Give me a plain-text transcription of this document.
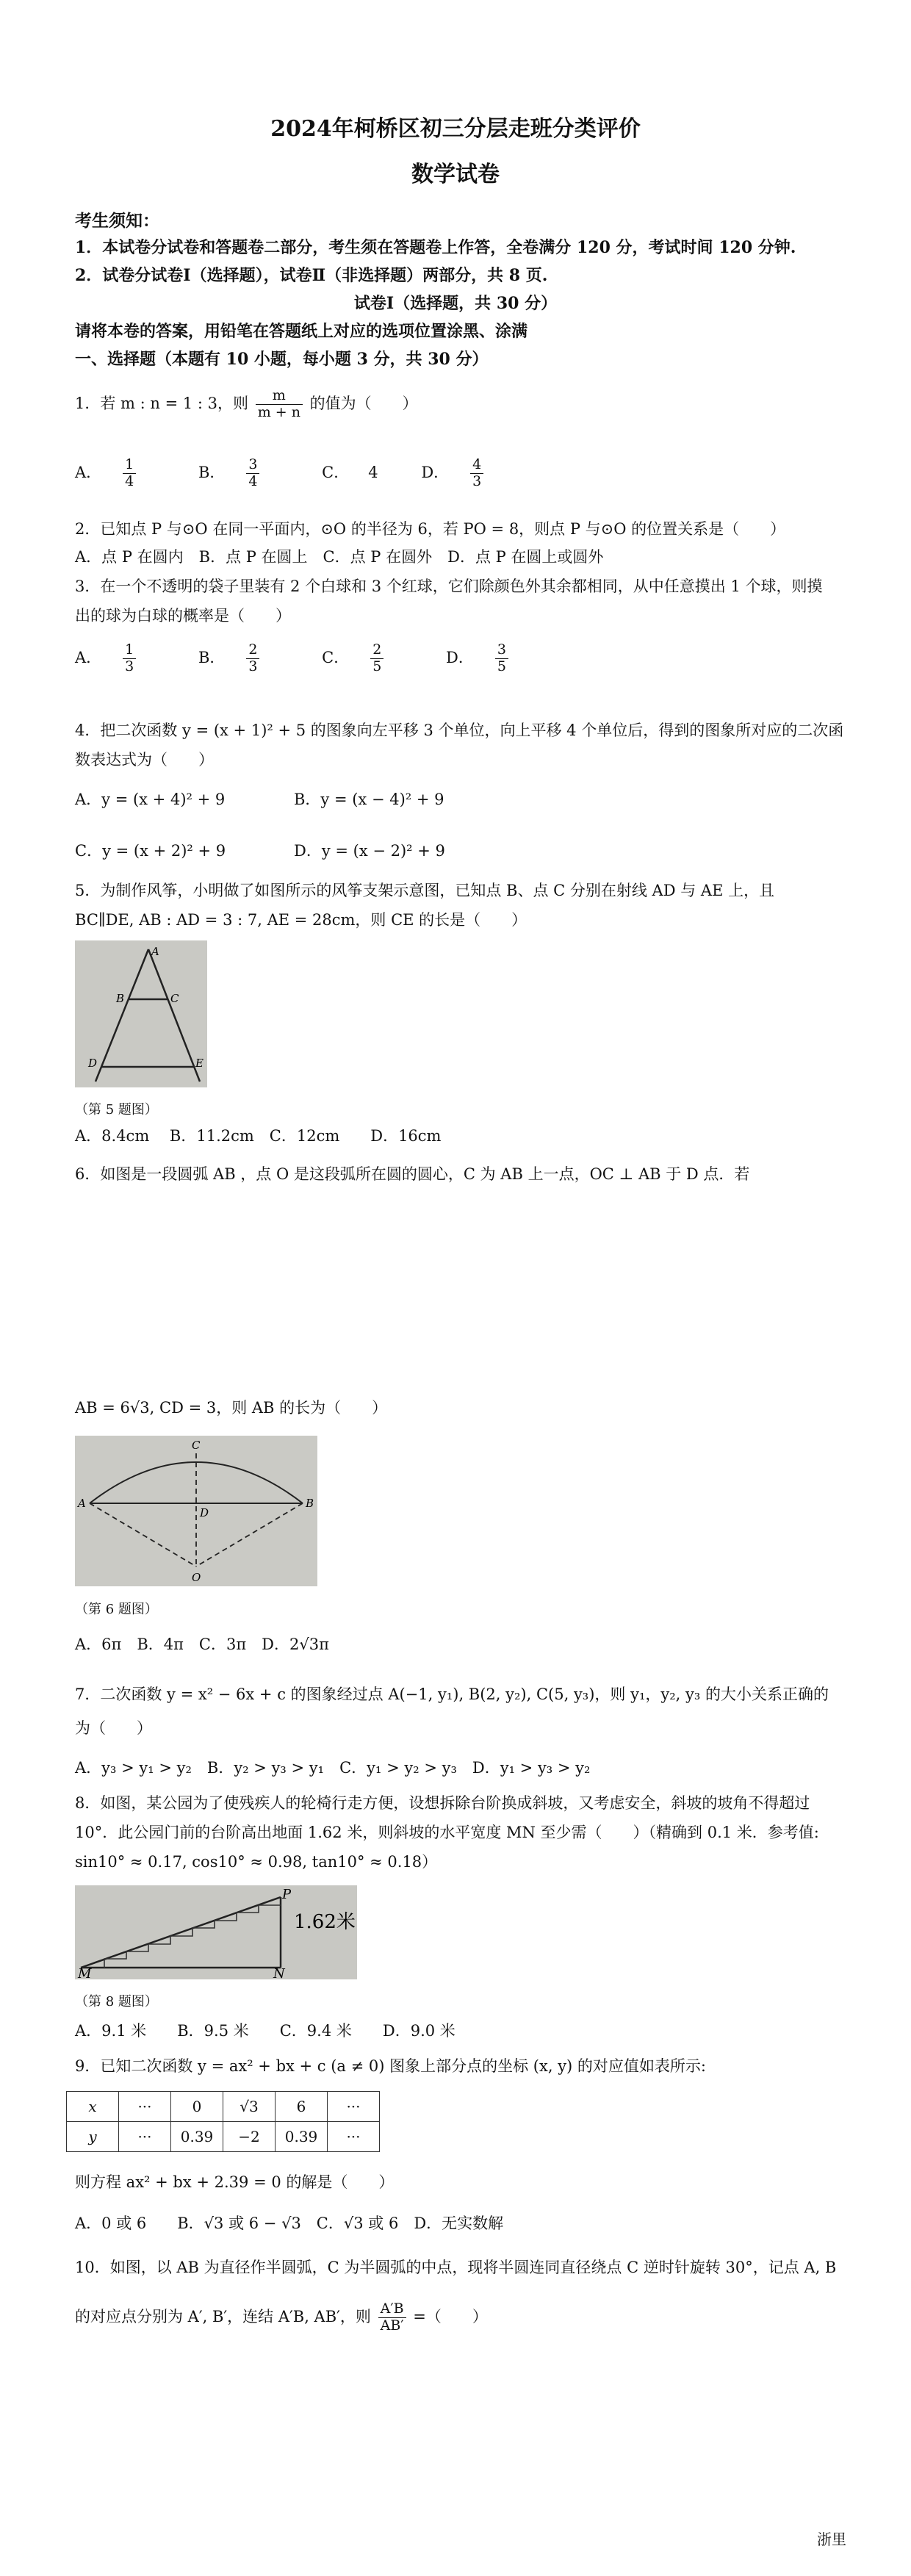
2024年柯桥区初三分层走班分类评价
数学试卷
考生须知：
1．本试卷分试卷和答题卷二部分，考生须在答题卷上作答，全卷满分 120 分，考试时间 120 分钟.
2．试卷分试卷Ⅰ（选择题），试卷Ⅱ（非选择题）两部分，共 8 页.
试卷Ⅰ（选择题，共 30 分）
请将本卷的答案，用铅笔在答题纸上对应的选项位置涂黑、涂满
一、选择题（本题有 10 小题，每小题 3 分，共 30 分）
1．若 m : n = 1 : 3，则 $\frac{m}{m + n}$ 的值为（　　）
A． $\frac{1}{4}$	B． $\frac{3}{4}$	C． 4	D． $\frac{4}{3}$
2．已知点 P 与⊙O 在同一平面内，⊙O 的半径为 6，若 PO = 8，则点 P 与⊙O 的位置关系是（　　）
A．点 P 在圆内　B．点 P 在圆上　C．点 P 在圆外　D．点 P 在圆上或圆外
3．在一个不透明的袋子里装有 2 个白球和 3 个红球，它们除颜色外其余都相同，从中任意摸出 1 个球，则摸
出的球为白球的概率是（　　）
A． $\frac{1}{3}$	B． $\frac{2}{3}$	C． $\frac{2}{5}$	D． $\frac{3}{5}$
4．把二次函数 y = (x + 1)² + 5 的图象向左平移 3 个单位，向上平移 4 个单位后，得到的图象所对应的二次函
数表达式为（　　）
A．y = (x + 4)² + 9	B．y = (x − 4)² + 9
C．y = (x + 2)² + 9	D．y = (x − 2)² + 9
5．为制作风筝，小明做了如图所示的风筝支架示意图，已知点 B、点 C 分别在射线 AD 与 AE 上，且
BC∥DE, AB : AD = 3 : 7, AE = 28cm，则 CE 的长是（　　）
A
B	C
D	E
（第 5 题图）
A．8.4cm　 B．11.2cm　C．12cm　　D．16cm
6．如图是一段圆弧 AB ，点 O 是这段弧所在圆的圆心，C 为 AB 上一点，OC ⊥ AB 于 D 点．若
AB = 6√3, CD = 3，则 AB 的长为（　　）
C
A	B
D
O
（第 6 题图）
A．6π　B．4π　C．3π　D．2√3π
7．二次函数 y = x² − 6x + c 的图象经过点 A(−1, y₁), B(2, y₂), C(5, y₃)，则 y₁，y₂, y₃ 的大小关系正确的
为（　　）
A．y₃ > y₁ > y₂　B．y₂ > y₃ > y₁　C．y₁ > y₂ > y₃　D．y₁ > y₃ > y₂
8．如图，某公园为了使残疾人的轮椅行走方便，设想拆除台阶换成斜坡，又考虑安全，斜坡的坡角不得超过
10°．此公园门前的台阶高出地面 1.62 米，则斜坡的水平宽度 MN 至少需（　　）（精确到 0.1 米．参考值:
sin10° ≈ 0.17, cos10° ≈ 0.98, tan10° ≈ 0.18）
P
1.62米
M	N
（第 8 题图）
A．9.1 米　　B．9.5 米　　C．9.4 米　　D．9.0 米
9．已知二次函数 y = ax² + bx + c (a ≠ 0) 图象上部分点的坐标 (x, y) 的对应值如表所示:
x	···	0	√3	6	···
y	···	0.39	−2	0.39	···
则方程 ax² + bx + 2.39 = 0 的解是（　　）
A．0 或 6　　B．√3 或 6 − √3　C．√3 或 6　D．无实数解
10．如图，以 AB 为直径作半圆弧，C 为半圆弧的中点，现将半圆连同直径绕点 C 逆时针旋转 30°，记点 A, B
的对应点分别为 A′, B′，连结 A′B, AB′，则 $\frac{A'B}{AB'}$ =（　　）
浙里
